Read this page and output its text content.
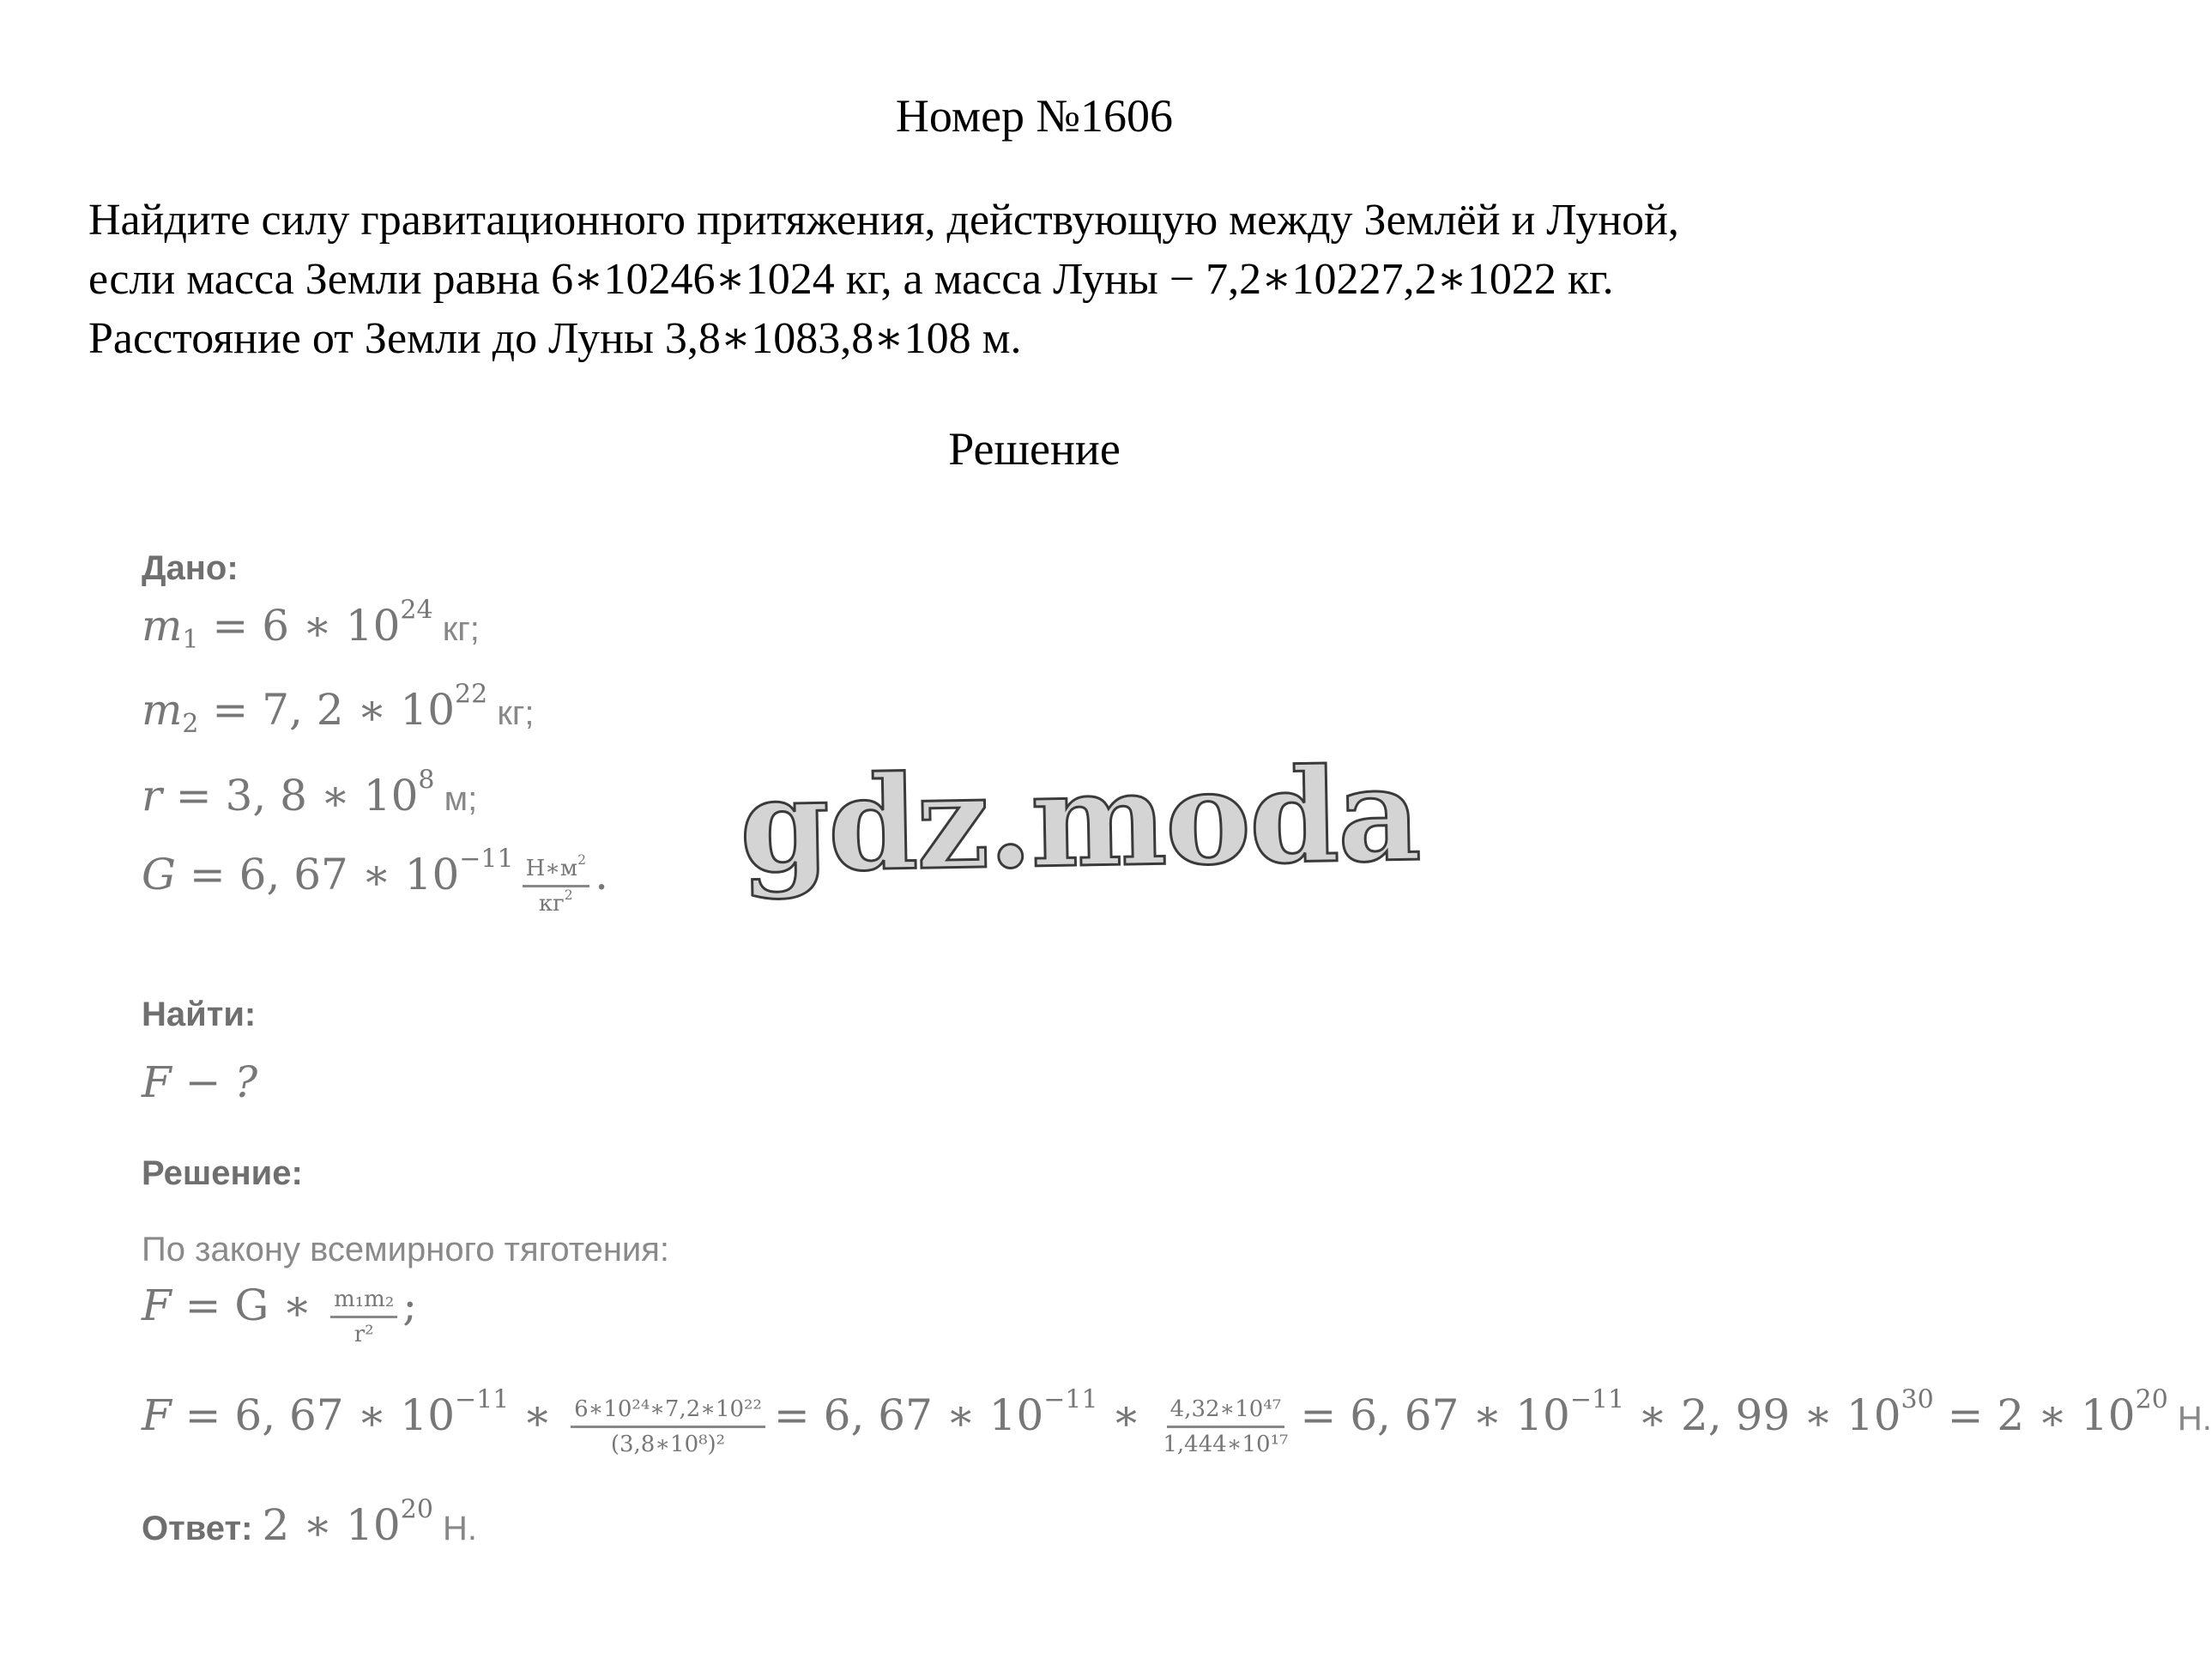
Номер №1606
Найдите силу гравитационного притяжения, действующую между Землёй и Луной,
если масса Земли равна 6∗10246∗1024 кг, а масса Луны − 7,2∗10227,2∗1022 кг.
Расстояние от Земли до Луны 3,8∗1083,8∗108 м.
Решение
Дано:
$m_1 = 6$ ∗ $10^{24}$ кг;
$m_2 = 7$, 2 ∗ $10^{22}$ кг;
r = 3, 8 ∗ $10^8$ м;
G = 6, 67 ∗ $10^{-11} \frac{Н∗м^2}{кг^2}$ .
Найти:
F − ?
Решение:
По закону всемирного тяготения:
F = G ∗ $\frac{\text{m₁m₂}}{\text{r²}}$ ;
F = 6, 67 ∗ $10^{-11}$ ∗ $\frac{\text{6∗10²⁴∗7,2∗10²²}}{\text{(3,8∗10⁸)²}} = 6$, 67 ∗ $10^{-11}$ ∗ $\frac{\text{4,32∗10⁴⁷}}{\text{1,444∗10¹⁷}} = 6$, 67 ∗ $10^{-11}$ ∗ 2, 99 ∗ $10^{30} = 2$ ∗ $10^{20}$ Н.
Ответ: 2 ∗ $10^{20}$ Н.
gdz.moda
